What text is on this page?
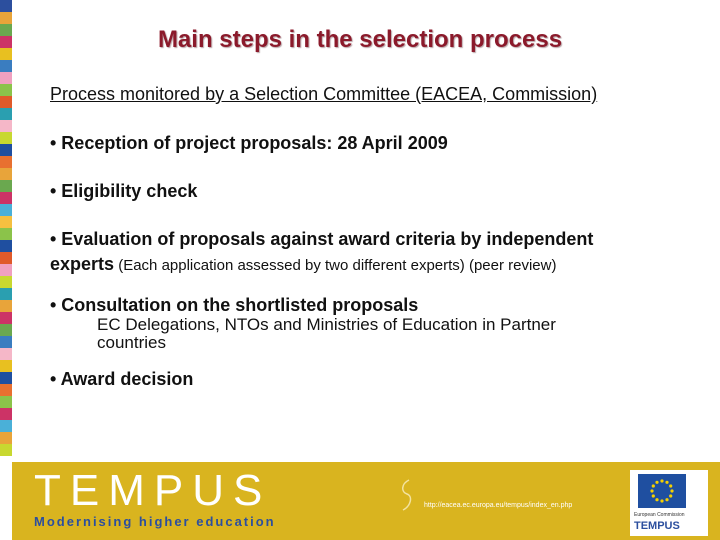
Main steps in the selection process
Process monitored by a Selection Committee (EACEA, Commission)
• Reception of project proposals: 28 April 2009
• Eligibility check
• Evaluation of proposals against award criteria by independent
experts (Each application assessed by two different experts) (peer review)
• Consultation on the shortlisted proposals
EC Delegations, NTOs and Ministries of Education in Partner
countries
• Award decision
TEMPUS
Modernising higher education
http://eacea.ec.europa.eu/tempus/index_en.php
European Commission
TEMPUS
